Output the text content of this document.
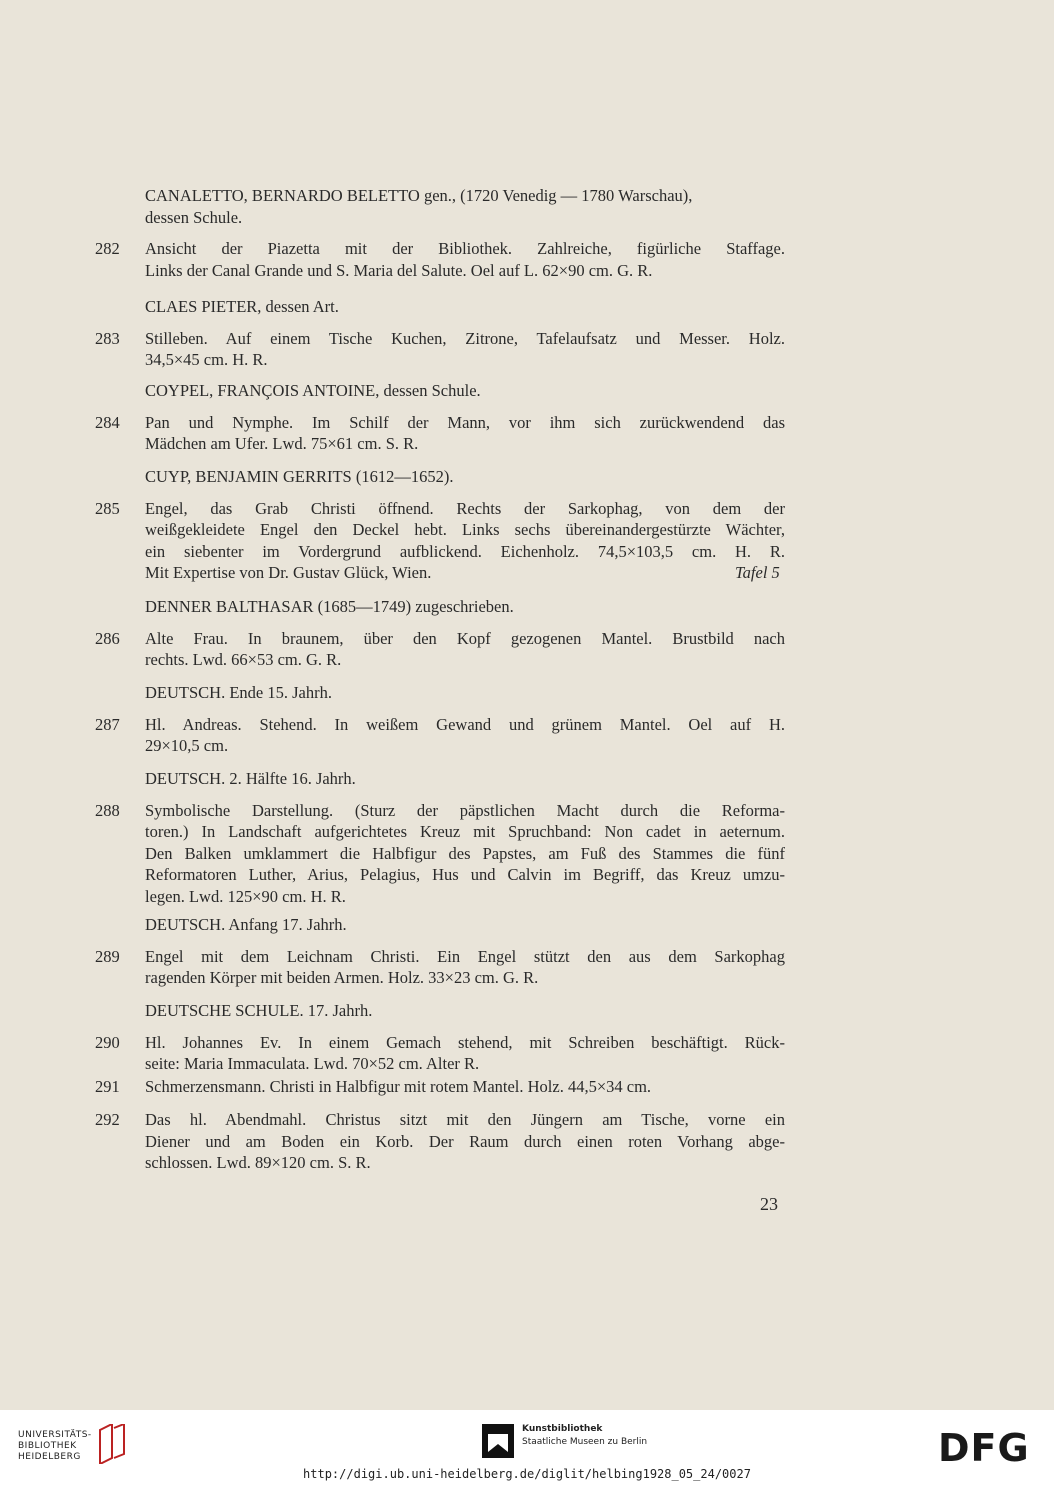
CANALETTO, BERNARDO BELETTO gen., (1720 Venedig — 1780 Warschau),
dessen Schule.
282	Ansicht der Piazetta mit der Bibliothek. Zahlreiche, figürliche Staffage.
Links der Canal Grande und S. Maria del Salute. Oel auf L. 62×90 cm. G. R.
CLAES PIETER, dessen Art.
283	Stilleben. Auf einem Tische Kuchen, Zitrone, Tafelaufsatz und Messer. Holz.
34,5×45 cm. H. R.
COYPEL, FRANÇOIS ANTOINE, dessen Schule.
284	Pan und Nymphe. Im Schilf der Mann, vor ihm sich zurückwendend das
Mädchen am Ufer. Lwd. 75×61 cm. S. R.
CUYP, BENJAMIN GERRITS (1612—1652).
285	Engel, das Grab Christi öffnend. Rechts der Sarkophag, von dem der
weißgekleidete Engel den Deckel hebt. Links sechs übereinandergestürzte Wächter,
ein siebenter im Vordergrund aufblickend. Eichenholz. 74,5×103,5 cm. H. R.
Mit Expertise von Dr. Gustav Glück, Wien.	Tafel 5
DENNER BALTHASAR (1685—1749) zugeschrieben.
286	Alte Frau. In braunem, über den Kopf gezogenen Mantel. Brustbild nach
rechts. Lwd. 66×53 cm. G. R.
DEUTSCH. Ende 15. Jahrh.
287	Hl. Andreas. Stehend. In weißem Gewand und grünem Mantel. Oel auf H.
29×10,5 cm.
DEUTSCH. 2. Hälfte 16. Jahrh.
288	Symbolische Darstellung. (Sturz der päpstlichen Macht durch die Reforma-
toren.) In Landschaft aufgerichtetes Kreuz mit Spruchband: Non cadet in aeternum.
Den Balken umklammert die Halbfigur des Papstes, am Fuß des Stammes die fünf
Reformatoren Luther, Arius, Pelagius, Hus und Calvin im Begriff, das Kreuz umzu-
legen. Lwd. 125×90 cm. H. R.
DEUTSCH. Anfang 17. Jahrh.
289	Engel mit dem Leichnam Christi. Ein Engel stützt den aus dem Sarkophag
ragenden Körper mit beiden Armen. Holz. 33×23 cm. G. R.
DEUTSCHE SCHULE. 17. Jahrh.
290	Hl. Johannes Ev. In einem Gemach stehend, mit Schreiben beschäftigt. Rück-
seite: Maria Immaculata. Lwd. 70×52 cm. Alter R.
291	Schmerzensmann. Christi in Halbfigur mit rotem Mantel. Holz. 44,5×34 cm.
292	Das hl. Abendmahl. Christus sitzt mit den Jüngern am Tische, vorne ein
Diener und am Boden ein Korb. Der Raum durch einen roten Vorhang abge-
schlossen. Lwd. 89×120 cm. S. R.
23
UNIVERSITÄTS-
BIBLIOTHEK
HEIDELBERG
Kunstbibliothek
Staatliche Museen zu Berlin	DFG
http://digi.ub.uni-heidelberg.de/diglit/helbing1928_05_24/0027
